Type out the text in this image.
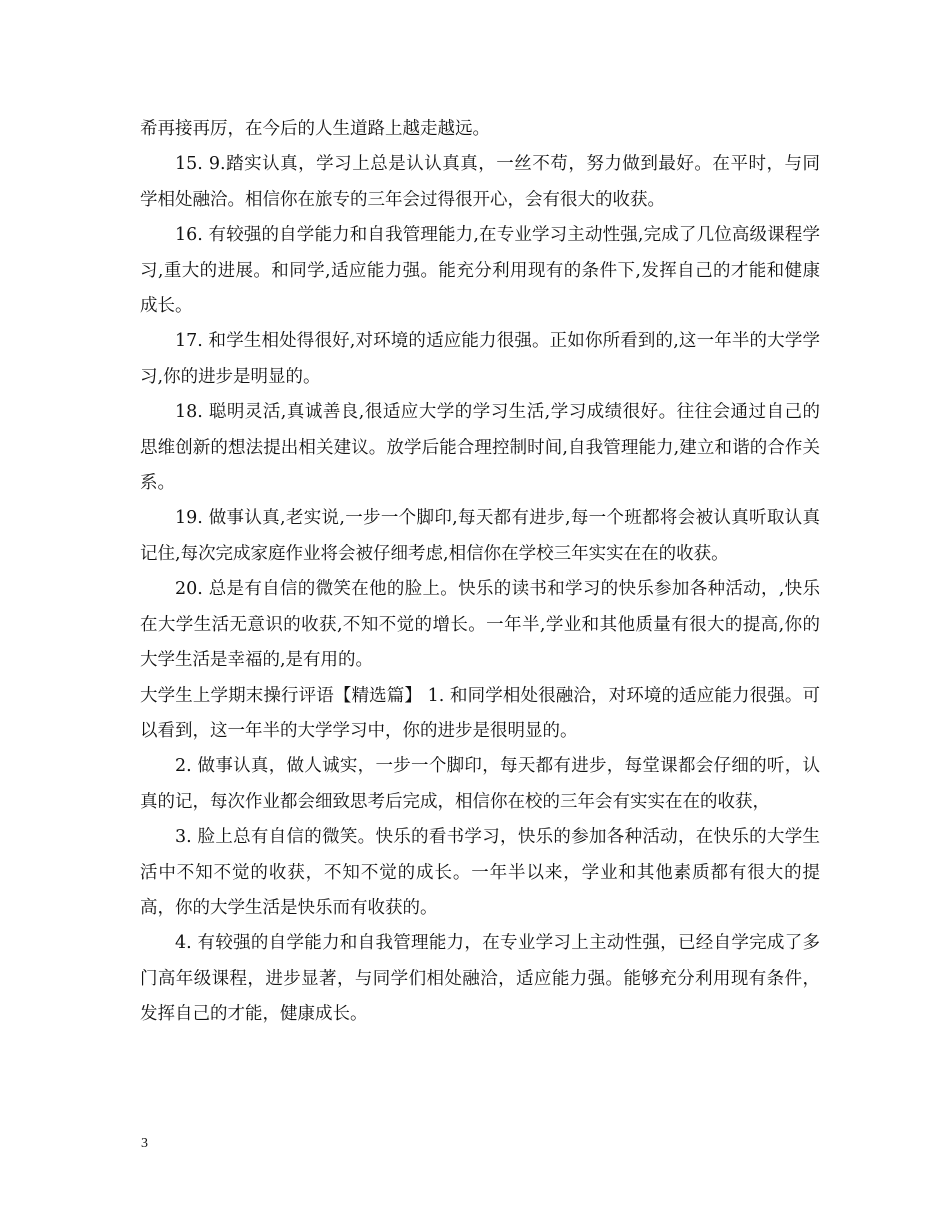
希再接再厉，在今后的人生道路上越走越远。

15. 9.踏实认真，学习上总是认认真真，一丝不苟，努力做到最好。在平时，与同学相处融洽。相信你在旅专的三年会过得很开心，会有很大的收获。

16. 有较强的自学能力和自我管理能力,在专业学习主动性强,完成了几位高级课程学习,重大的进展。和同学,适应能力强。能充分利用现有的条件下,发挥自己的才能和健康成长。

17. 和学生相处得很好,对环境的适应能力很强。正如你所看到的,这一年半的大学学习,你的进步是明显的。

18. 聪明灵活,真诚善良,很适应大学的学习生活,学习成绩很好。往往会通过自己的思维创新的想法提出相关建议。放学后能合理控制时间,自我管理能力,建立和谐的合作关系。

19. 做事认真,老实说,一步一个脚印,每天都有进步,每一个班都将会被认真听取认真记住,每次完成家庭作业将会被仔细考虑,相信你在学校三年实实在在的收获。

20. 总是有自信的微笑在他的脸上。快乐的读书和学习的快乐参加各种活动，,快乐在大学生活无意识的收获,不知不觉的增长。一年半,学业和其他质量有很大的提高,你的大学生活是幸福的,是有用的。

大学生上学期末操行评语【精选篇】 1. 和同学相处很融洽，对环境的适应能力很强。可以看到，这一年半的大学学习中，你的进步是很明显的。

2. 做事认真，做人诚实，一步一个脚印，每天都有进步，每堂课都会仔细的听，认真的记，每次作业都会细致思考后完成，相信你在校的三年会有实实在在的收获，

3. 脸上总有自信的微笑。快乐的看书学习，快乐的参加各种活动，在快乐的大学生活中不知不觉的收获，不知不觉的成长。一年半以来，学业和其他素质都有很大的提高，你的大学生活是快乐而有收获的。

4. 有较强的自学能力和自我管理能力，在专业学习上主动性强，已经自学完成了多门高年级课程，进步显著，与同学们相处融洽，适应能力强。能够充分利用现有条件，发挥自己的才能，健康成长。

3
